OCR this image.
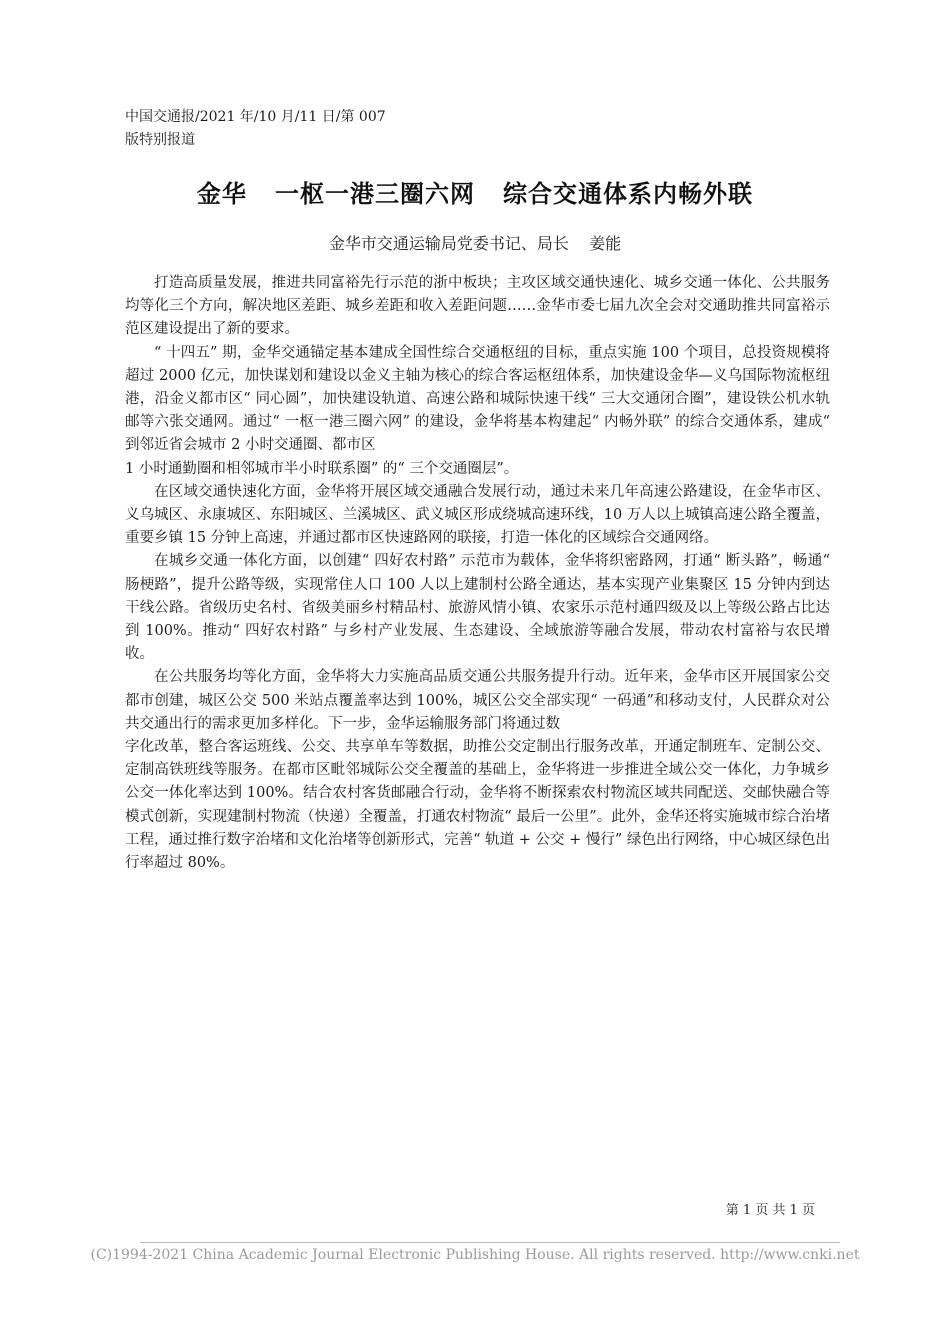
中国交通报/2021 年/10 月/11 日/第 007
版特别报道
金华   一枢一港三圈六网   综合交通体系内畅外联
金华市交通运输局党委书记、局长    姜能

打造高质量发展，推进共同富裕先行示范的浙中板块；主攻区域交通快速化、城乡交通一体化、公共服务均等化三个方向，解决地区差距、城乡差距和收入差距问题……金华市委七届九次全会对交通助推共同富裕示范区建设提出了新的要求。

“ 十四五” 期，金华交通锚定基本建成全国性综合交通枢纽的目标，重点实施 100 个项目，总投资规模将超过 2000 亿元，加快谋划和建设以金义主轴为核心的综合客运枢纽体系，加快建设金华—义乌国际物流枢纽港，沿金义都市区“ 同心圆”，加快建设轨道、高速公路和城际快速干线“ 三大交通闭合圈”，建设铁公机水轨邮等六张交通网。通过“ 一枢一港三圈六网” 的建设，金华将基本构建起“ 内畅外联” 的综合交通体系，建成“ 到邻近省会城市 2 小时交通圈、都市区

1 小时通勤圈和相邻城市半小时联系圈” 的“ 三个交通圈层”。

在区域交通快速化方面，金华将开展区域交通融合发展行动，通过未来几年高速公路建设，在金华市区、义乌城区、永康城区、东阳城区、兰溪城区、武义城区形成绕城高速环线，10 万人以上城镇高速公路全覆盖，重要乡镇 15 分钟上高速，并通过都市区快速路网的联接，打造一体化的区域综合交通网络。

在城乡交通一体化方面，以创建“ 四好农村路” 示范市为载体，金华将织密路网，打通“ 断头路”，畅通“ 肠梗路”，提升公路等级，实现常住人口 100 人以上建制村公路全通达，基本实现产业集聚区 15 分钟内到达干线公路。省级历史名村、省级美丽乡村精品村、旅游风情小镇、农家乐示范村通四级及以上等级公路占比达到 100%。推动“ 四好农村路” 与乡村产业发展、生态建设、全域旅游等融合发展，带动农村富裕与农民增收。

在公共服务均等化方面，金华将大力实施高品质交通公共服务提升行动。近年来，金华市区开展国家公交都市创建，城区公交 500 米站点覆盖率达到 100%，城区公交全部实现“ 一码通”和移动支付，人民群众对公共交通出行的需求更加多样化。下一步，金华运输服务部门将通过数

字化改革，整合客运班线、公交、共享单车等数据，助推公交定制出行服务改革，开通定制班车、定制公交、定制高铁班线等服务。在都市区毗邻城际公交全覆盖的基础上，金华将进一步推进全域公交一体化，力争城乡公交一体化率达到 100%。结合农村客货邮融合行动，金华将不断探索农村物流区域共同配送、交邮快融合等模式创新，实现建制村物流（快递）全覆盖，打通农村物流“ 最后一公里”。此外，金华还将实施城市综合治堵工程，通过推行数字治堵和文化治堵等创新形式，完善“ 轨道 + 公交 + 慢行” 绿色出行网络，中心城区绿色出行率超过 80%。

第 1 页 共 1 页
(C)1994-2021 China Academic Journal Electronic Publishing House. All rights reserved. http://www.cnki.net
